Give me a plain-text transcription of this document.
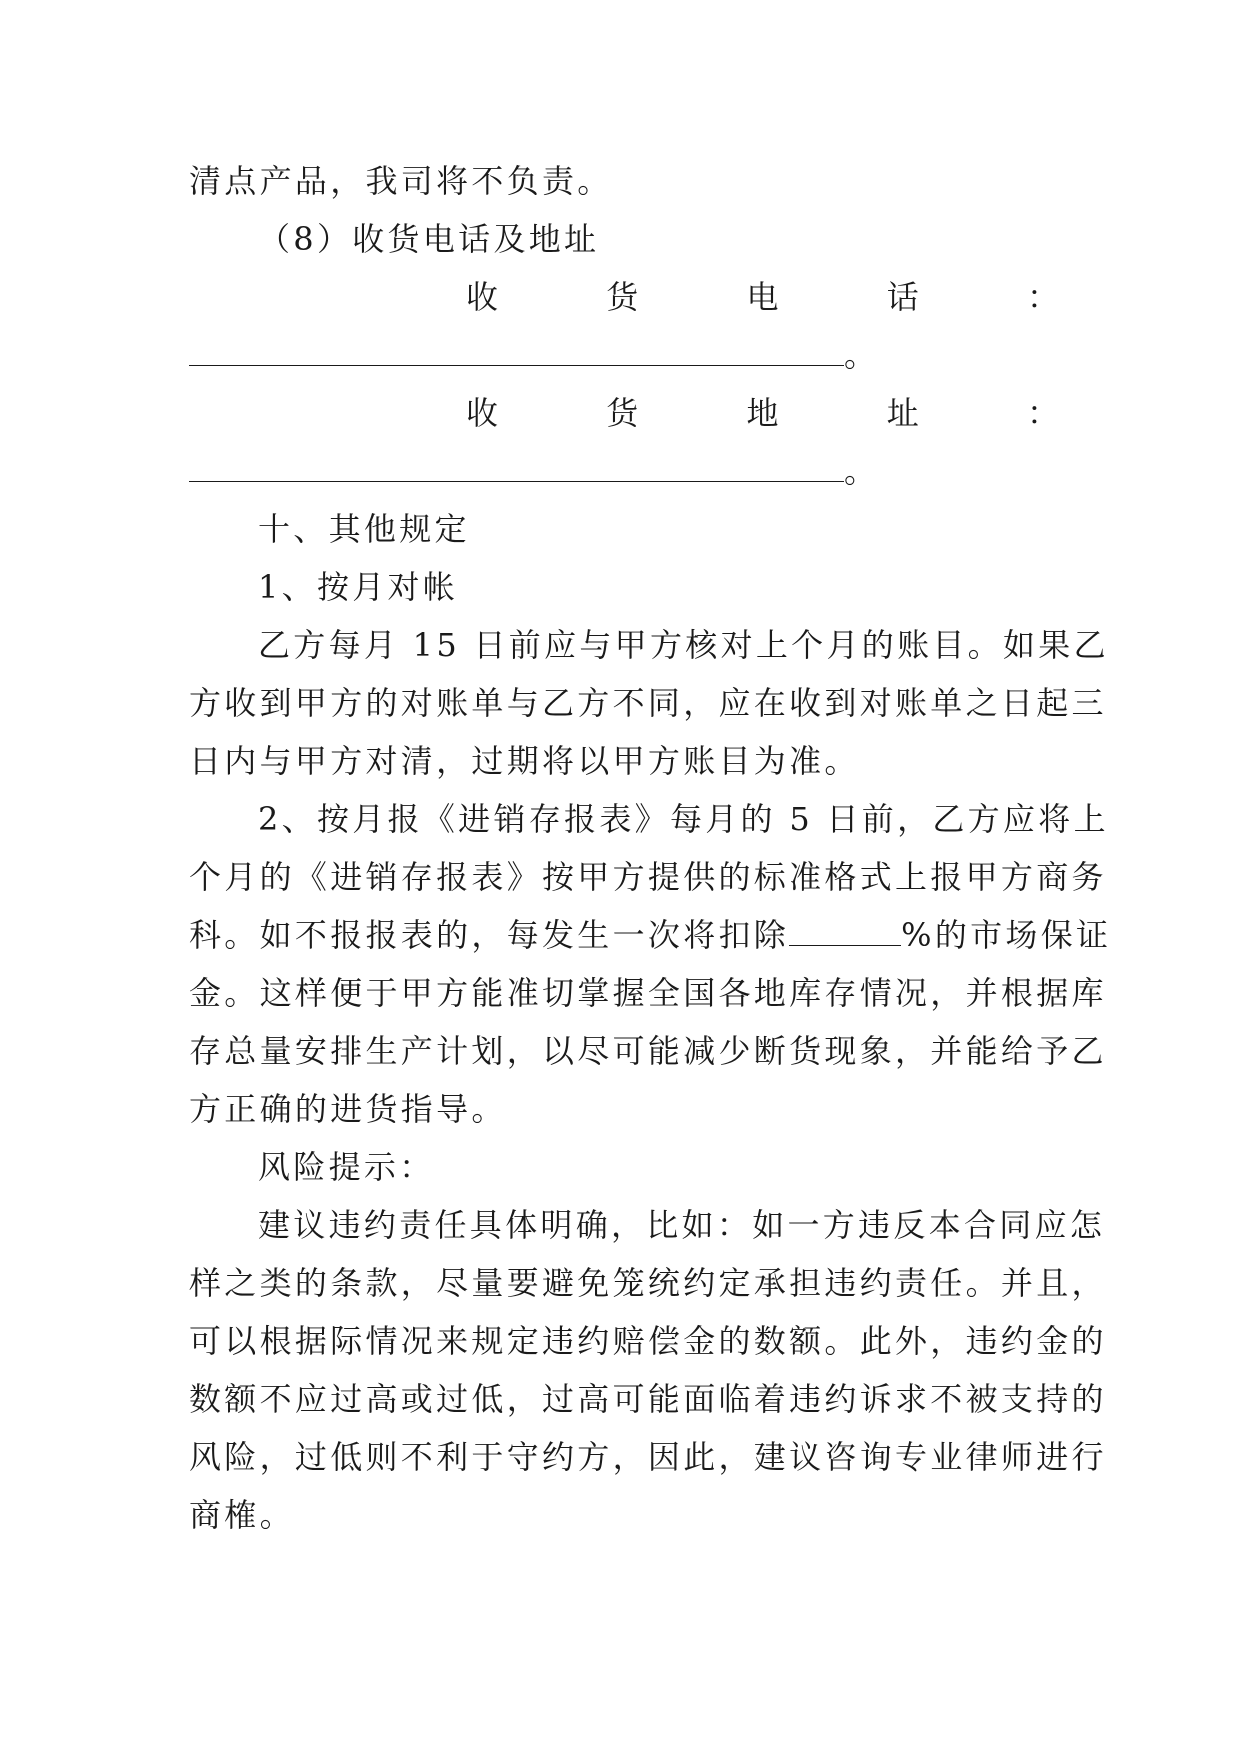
清点产品，我司将不负责。
（8）收货电话及地址
收	货	电	话	：
。
收	货	地	址	：
。
十、其他规定
1、按月对帐
乙方每月 15 日前应与甲方核对上个月的账目。如果乙
方收到甲方的对账单与乙方不同，应在收到对账单之日起三
日内与甲方对清，过期将以甲方账目为准。
2、按月报《进销存报表》每月的 5 日前，乙方应将上
个月的《进销存报表》按甲方提供的标准格式上报甲方商务
科。如不报报表的，每发生一次将扣除	%的市场保证
金。这样便于甲方能准切掌握全国各地库存情况，并根据库
存总量安排生产计划，以尽可能减少断货现象，并能给予乙
方正确的进货指导。
风险提示：
建议违约责任具体明确，比如：如一方违反本合同应怎
样之类的条款，尽量要避免笼统约定承担违约责任。并且，
可以根据际情况来规定违约赔偿金的数额。此外，违约金的
数额不应过高或过低，过高可能面临着违约诉求不被支持的
风险，过低则不利于守约方，因此，建议咨询专业律师进行
商榷。
